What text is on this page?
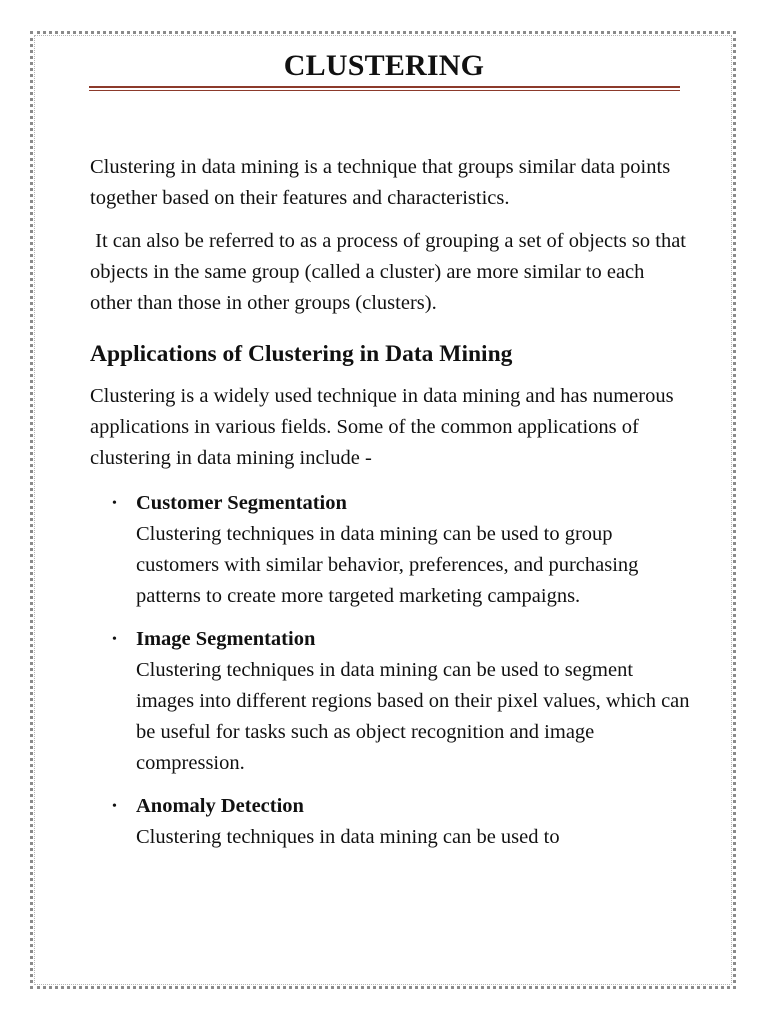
CLUSTERING

Clustering in data mining is a technique that groups similar data points together based on their features and characteristics.

It can also be referred to as a process of grouping a set of objects so that objects in the same group (called a cluster) are more similar to each other than those in other groups (clusters).

Applications of Clustering in Data Mining

Clustering is a widely used technique in data mining and has numerous applications in various fields. Some of the common applications of clustering in data mining include -

• Customer Segmentation
Clustering techniques in data mining can be used to group customers with similar behavior, preferences, and purchasing patterns to create more targeted marketing campaigns.
• Image Segmentation
Clustering techniques in data mining can be used to segment images into different regions based on their pixel values, which can be useful for tasks such as object recognition and image compression.
• Anomaly Detection
Clustering techniques in data mining can be used to
